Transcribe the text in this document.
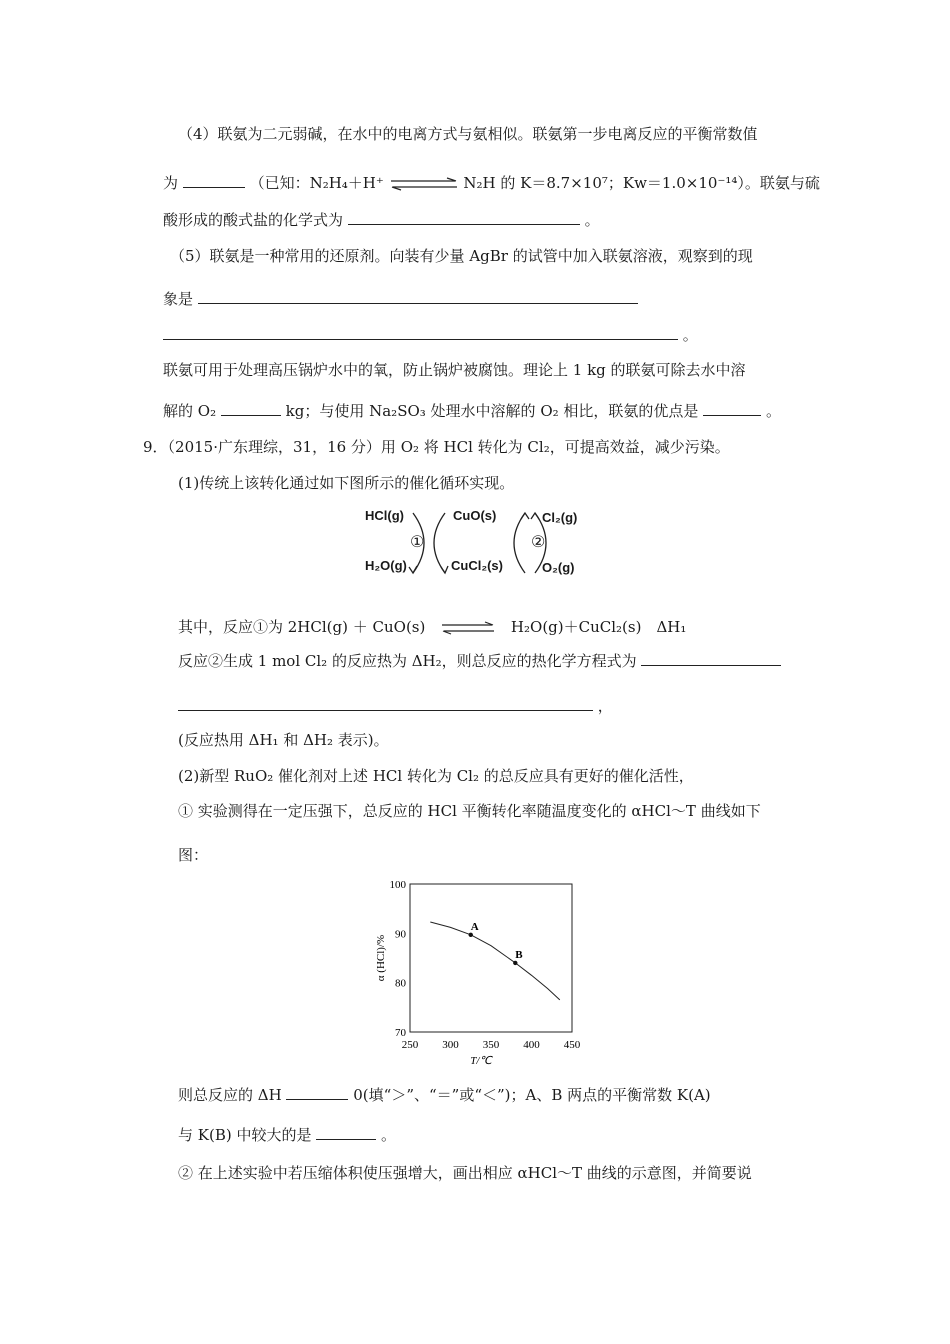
（4）联氨为二元弱碱，在水中的电离方式与氨相似。联氨第一步电离反应的平衡常数值
为	（已知：N₂H₄＋H⁺	N₂H 的 K＝8.7×10⁷；Kw＝1.0×10⁻¹⁴）。联氨与硫
酸形成的酸式盐的化学式为	。
（5）联氨是一种常用的还原剂。向装有少量 AgBr 的试管中加入联氨溶液，观察到的现
象是
。
联氨可用于处理高压锅炉水中的氧，防止锅炉被腐蚀。理论上 1 kg 的联氨可除去水中溶
解的 O₂	kg；与使用 Na₂SO₃ 处理水中溶解的 O₂ 相比，联氨的优点是	。
9．（2015·广东理综，31，16 分）用 O₂ 将 HCl 转化为 Cl₂，可提高效益，减少污染。
(1)传统上该转化通过如下图所示的催化循环实现。
HCl(g)
H₂O(g)
CuO(s)
CuCl₂(s)
Cl₂(g)
O₂(g)
①	②
其中，反应①为 2HCl(g) ＋ CuO(s) ⇌ H₂O(g)＋CuCl₂(s)　ΔH₁
反应②生成 1 mol Cl₂ 的反应热为 ΔH₂，则总反应的热化学方程式为
，
(反应热用 ΔH₁ 和 ΔH₂ 表示)。
(2)新型 RuO₂ 催化剂对上述 HCl 转化为 Cl₂ 的总反应具有更好的催化活性，
① 实验测得在一定压强下，总反应的 HCl 平衡转化率随温度变化的 αHCl～T 曲线如下
图：
250 300 350 400 450
70
80
90
100
A
B
T/℃
α (HCl)/%
则总反应的 ΔH	0(填“＞”、“＝”或“＜”)；A、B 两点的平衡常数 K(A)
与 K(B) 中较大的是	。
② 在上述实验中若压缩体积使压强增大，画出相应 αHCl～T 曲线的示意图，并简要说
